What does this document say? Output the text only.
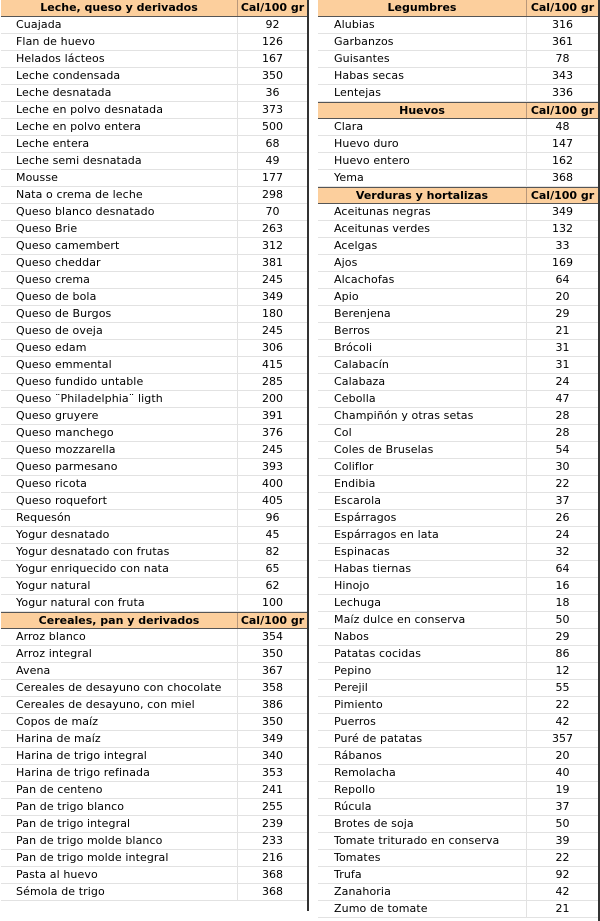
Leche, queso y derivados	Cal/100 gr
Cuajada	92
Flan de huevo	126
Helados lácteos	167
Leche condensada	350
Leche desnatada	36
Leche en polvo desnatada	373
Leche en polvo entera	500
Leche entera	68
Leche semi desnatada	49
Mousse	177
Nata o crema de leche	298
Queso blanco desnatado	70
Queso Brie	263
Queso camembert	312
Queso cheddar	381
Queso crema	245
Queso de bola	349
Queso de Burgos	180
Queso de oveja	245
Queso edam	306
Queso emmental	415
Queso fundido untable	285
Queso ¨Philadelphia¨ ligth	200
Queso gruyere	391
Queso manchego	376
Queso mozzarella	245
Queso parmesano	393
Queso ricota	400
Queso roquefort	405
Requesón	96
Yogur desnatado	45
Yogur desnatado con frutas	82
Yogur enriquecido con nata	65
Yogur natural	62
Yogur natural con fruta	100
Cereales, pan y derivados	Cal/100 gr
Arroz blanco	354
Arroz integral	350
Avena	367
Cereales de desayuno con chocolate	358
Cereales de desayuno, con miel	386
Copos de maíz	350
Harina de maíz	349
Harina de trigo integral	340
Harina de trigo refinada	353
Pan de centeno	241
Pan de trigo blanco	255
Pan de trigo integral	239
Pan de trigo molde blanco	233
Pan de trigo molde integral	216
Pasta al huevo	368
Sémola de trigo	368
Legumbres	Cal/100 gr
Alubias	316
Garbanzos	361
Guisantes	78
Habas secas	343
Lentejas	336
Huevos	Cal/100 gr
Clara	48
Huevo duro	147
Huevo entero	162
Yema	368
Verduras y hortalizas	Cal/100 gr
Aceitunas negras	349
Aceitunas verdes	132
Acelgas	33
Ajos	169
Alcachofas	64
Apio	20
Berenjena	29
Berros	21
Brócoli	31
Calabacín	31
Calabaza	24
Cebolla	47
Champiñón y otras setas	28
Col	28
Coles de Bruselas	54
Coliflor	30
Endibia	22
Escarola	37
Espárragos	26
Espárragos en lata	24
Espinacas	32
Habas tiernas	64
Hinojo	16
Lechuga	18
Maíz dulce en conserva	50
Nabos	29
Patatas cocidas	86
Pepino	12
Perejil	55
Pimiento	22
Puerros	42
Puré de patatas	357
Rábanos	20
Remolacha	40
Repollo	19
Rúcula	37
Brotes de soja	50
Tomate triturado en conserva	39
Tomates	22
Trufa	92
Zanahoria	42
Zumo de tomate	21
